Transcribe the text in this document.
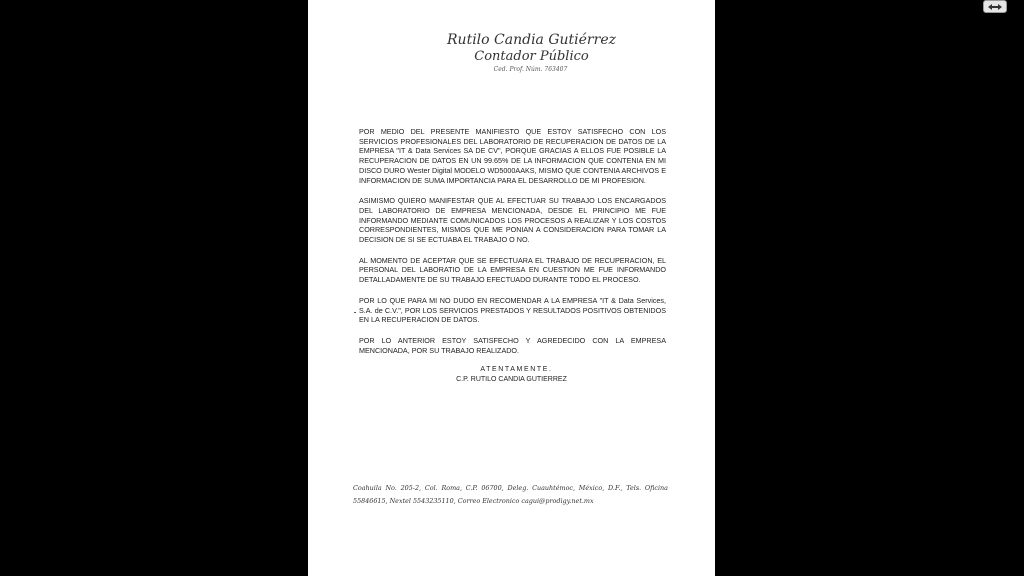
Rutilo Candia Gutiérrez
Contador Público
Ced. Prof. Núm. 763407

POR MEDIO DEL PRESENTE MANIFIESTO QUE ESTOY SATISFECHO CON LOS SERVICIOS PROFESIONALES DEL LABORATORIO DE RECUPERACION DE DATOS DE LA EMPRESA "IT & Data Services SA DE CV", PORQUE GRACIAS A ELLOS FUE POSIBLE LA RECUPERACION DE DATOS EN UN 99.65% DE LA INFORMACION QUE CONTENIA EN MI DISCO DURO Wester Digital MODELO WD5000AAKS, MISMO QUE CONTENIA ARCHIVOS E INFORMACION DE SUMA IMPORTANCIA PARA EL DESARROLLO DE MI PROFESION.

ASIMISMO QUIERO MANIFESTAR QUE AL EFECTUAR SU TRABAJO LOS ENCARGADOS DEL LABORATORIO DE EMPRESA MENCIONADA, DESDE EL PRINCIPIO ME FUE INFORMANDO MEDIANTE COMUNICADOS LOS PROCESOS A REALIZAR Y LOS COSTOS CORRESPONDIENTES, MISMOS QUE ME PONIAN A CONSIDERACION PARA TOMAR LA DECISION DE SI SE ECTUABA EL TRABAJO O NO.

AL MOMENTO DE ACEPTAR QUE SE EFECTUARA EL TRABAJO DE RECUPERACION, EL PERSONAL DEL LABORATIO DE LA EMPRESA EN CUESTION ME FUE INFORMANDO DETALLADAMENTE DE SU TRABAJO EFECTUADO DURANTE TODO EL PROCESO.

POR LO QUE PARA MI NO DUDO EN RECOMENDAR A LA EMPRESA "IT & Data Services, S.A. de C.V.", POR LOS SERVICIOS PRESTADOS Y RESULTADOS POSITIVOS OBTENIDOS EN LA RECUPERACION DE DATOS.

POR LO ANTERIOR ESTOY SATISFECHO Y AGREDECIDO CON LA EMPRESA MENCIONADA, POR SU TRABAJO REALIZADO.

ATENTAMENTE.
C.P. RUTILO CANDIA GUTIERREZ
Coahuila No. 205-2, Col. Roma, C.P. 06700, Deleg. Cuauhtémoc, México, D.F., Tels. Oficina 55846615, Nextel 5543235110, Correo Electronico cagui@prodigy.net.mx
